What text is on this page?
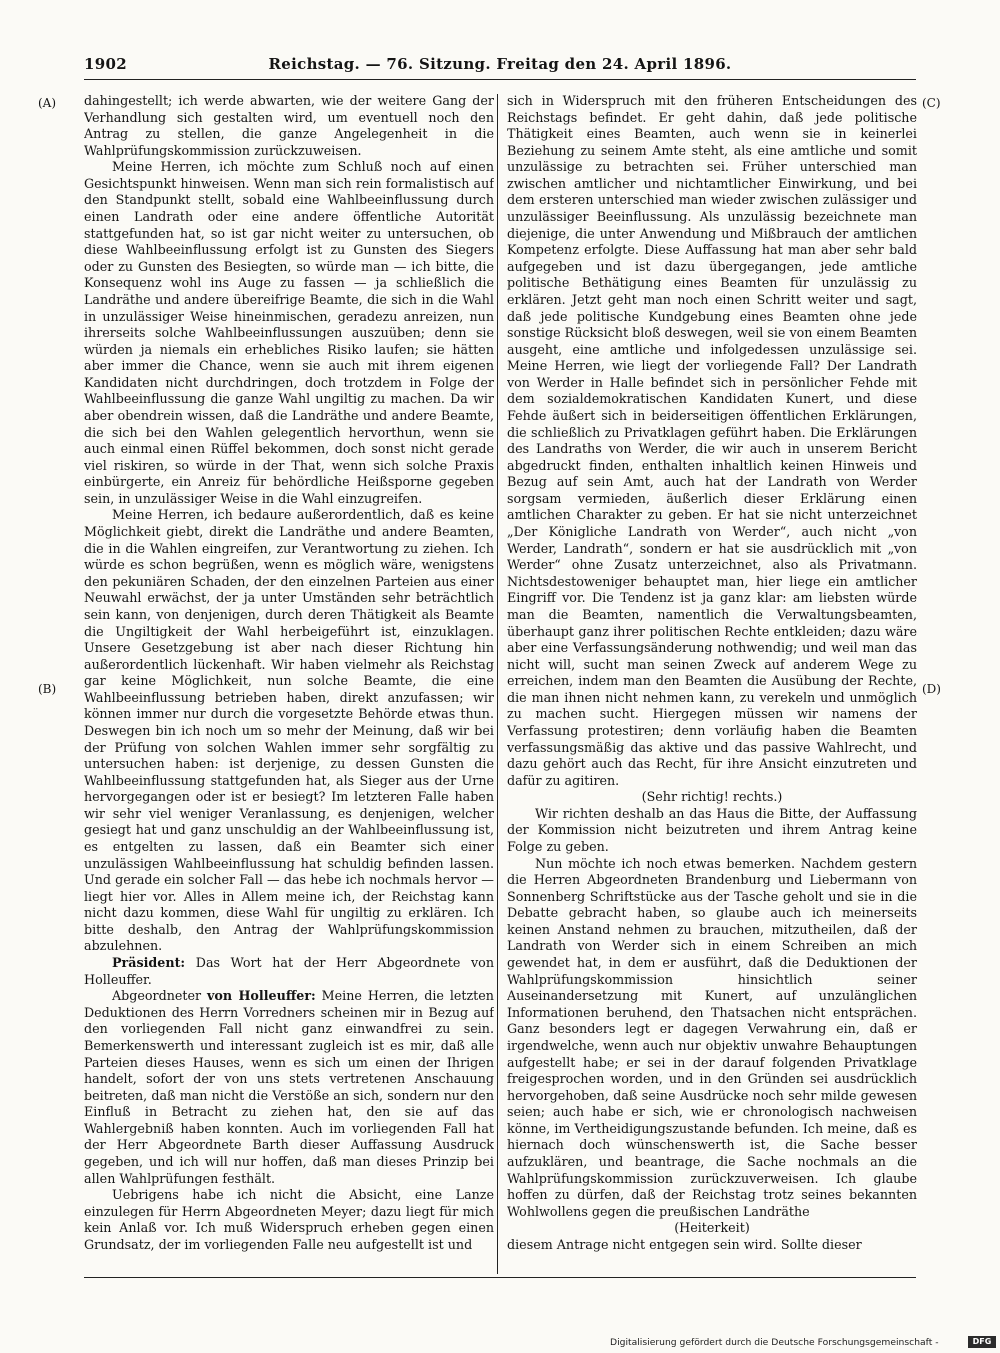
1902	Reichstag. — 76. Sitzung. Freitag den 24. April 1896.
(A)
(B)
(C)
(D)

dahingestellt; ich werde abwarten, wie der weitere Gang der Verhandlung sich gestalten wird, um eventuell noch den Antrag zu stellen, die ganze Angelegenheit in die Wahlprüfungskommission zurückzuweisen.

Meine Herren, ich möchte zum Schluß noch auf einen Gesichtspunkt hinweisen. Wenn man sich rein formalistisch auf den Standpunkt stellt, sobald eine Wahlbeeinflussung durch einen Landrath oder eine andere öffentliche Autorität stattgefunden hat, so ist gar nicht weiter zu untersuchen, ob diese Wahlbeeinflussung erfolgt ist zu Gunsten des Siegers oder zu Gunsten des Besiegten, so würde man — ich bitte, die Konsequenz wohl ins Auge zu fassen — ja schließlich die Landräthe und andere übereifrige Beamte, die sich in die Wahl in unzulässiger Weise hineinmischen, geradezu anreizen, nun ihrerseits solche Wahlbeeinflussungen auszuüben; denn sie würden ja niemals ein erhebliches Risiko laufen; sie hätten aber immer die Chance, wenn sie auch mit ihrem eigenen Kandidaten nicht durchdringen, doch trotzdem in Folge der Wahlbeeinflussung die ganze Wahl ungiltig zu machen. Da wir aber obendrein wissen, daß die Landräthe und andere Beamte, die sich bei den Wahlen gelegentlich hervorthun, wenn sie auch einmal einen Rüffel bekommen, doch sonst nicht gerade viel riskiren, so würde in der That, wenn sich solche Praxis einbürgerte, ein Anreiz für behördliche Heißsporne gegeben sein, in unzulässiger Weise in die Wahl einzugreifen.

Meine Herren, ich bedaure außerordentlich, daß es keine Möglichkeit giebt, direkt die Landräthe und andere Beamten, die in die Wahlen eingreifen, zur Verantwortung zu ziehen. Ich würde es schon begrüßen, wenn es möglich wäre, wenigstens den pekuniären Schaden, der den einzelnen Parteien aus einer Neuwahl erwächst, der ja unter Umständen sehr beträchtlich sein kann, von denjenigen, durch deren Thätigkeit als Beamte die Ungiltigkeit der Wahl herbeigeführt ist, einzuklagen. Unsere Gesetzgebung ist aber nach dieser Richtung hin außerordentlich lückenhaft. Wir haben vielmehr als Reichstag gar keine Möglichkeit, nun solche Beamte, die eine Wahlbeeinflussung betrieben haben, direkt anzufassen; wir können immer nur durch die vorgesetzte Behörde etwas thun. Deswegen bin ich noch um so mehr der Meinung, daß wir bei der Prüfung von solchen Wahlen immer sehr sorgfältig zu untersuchen haben: ist derjenige, zu dessen Gunsten die Wahlbeeinflussung stattgefunden hat, als Sieger aus der Urne hervorgegangen oder ist er besiegt? Im letzteren Falle haben wir sehr viel weniger Veranlassung, es denjenigen, welcher gesiegt hat und ganz unschuldig an der Wahlbeeinflussung ist, es entgelten zu lassen, daß ein Beamter sich einer unzulässigen Wahlbeeinflussung hat schuldig befinden lassen. Und gerade ein solcher Fall — das hebe ich nochmals hervor — liegt hier vor. Alles in Allem meine ich, der Reichstag kann nicht dazu kommen, diese Wahl für ungiltig zu erklären. Ich bitte deshalb, den Antrag der Wahlprüfungskommission abzulehnen.

Präsident: Das Wort hat der Herr Abgeordnete von Holleuffer.

Abgeordneter von Holleuffer: Meine Herren, die letzten Deduktionen des Herrn Vorredners scheinen mir in Bezug auf den vorliegenden Fall nicht ganz einwandfrei zu sein. Bemerkenswerth und interessant zugleich ist es mir, daß alle Parteien dieses Hauses, wenn es sich um einen der Ihrigen handelt, sofort der von uns stets vertretenen Anschauung beitreten, daß man nicht die Verstöße an sich, sondern nur den Einfluß in Betracht zu ziehen hat, den sie auf das Wahlergebniß haben konnten. Auch im vorliegenden Fall hat der Herr Abgeordnete Barth dieser Auffassung Ausdruck gegeben, und ich will nur hoffen, daß man dieses Prinzip bei allen Wahlprüfungen festhält.

Uebrigens habe ich nicht die Absicht, eine Lanze einzulegen für Herrn Abgeordneten Meyer; dazu liegt für mich kein Anlaß vor. Ich muß Widerspruch erheben gegen einen Grundsatz, der im vorliegenden Falle neu aufgestellt ist und

sich in Widerspruch mit den früheren Entscheidungen des Reichstags befindet. Er geht dahin, daß jede politische Thätigkeit eines Beamten, auch wenn sie in keinerlei Beziehung zu seinem Amte steht, als eine amtliche und somit unzulässige zu betrachten sei. Früher unterschied man zwischen amtlicher und nichtamtlicher Einwirkung, und bei dem ersteren unterschied man wieder zwischen zulässiger und unzulässiger Beeinflussung. Als unzulässig bezeichnete man diejenige, die unter Anwendung und Mißbrauch der amtlichen Kompetenz erfolgte. Diese Auffassung hat man aber sehr bald aufgegeben und ist dazu übergegangen, jede amtliche politische Bethätigung eines Beamten für unzulässig zu erklären. Jetzt geht man noch einen Schritt weiter und sagt, daß jede politische Kundgebung eines Beamten ohne jede sonstige Rücksicht bloß deswegen, weil sie von einem Beamten ausgeht, eine amtliche und infolgedessen unzulässige sei. Meine Herren, wie liegt der vorliegende Fall? Der Landrath von Werder in Halle befindet sich in persönlicher Fehde mit dem sozialdemokratischen Kandidaten Kunert, und diese Fehde äußert sich in beiderseitigen öffentlichen Erklärungen, die schließlich zu Privatklagen geführt haben. Die Erklärungen des Landraths von Werder, die wir auch in unserem Bericht abgedruckt finden, enthalten inhaltlich keinen Hinweis und Bezug auf sein Amt, auch hat der Landrath von Werder sorgsam vermieden, äußerlich dieser Erklärung einen amtlichen Charakter zu geben. Er hat sie nicht unterzeichnet „Der Königliche Landrath von Werder“, auch nicht „von Werder, Landrath“, sondern er hat sie ausdrücklich mit „von Werder“ ohne Zusatz unterzeichnet, also als Privatmann. Nichtsdestoweniger behauptet man, hier liege ein amtlicher Eingriff vor. Die Tendenz ist ja ganz klar: am liebsten würde man die Beamten, namentlich die Verwaltungsbeamten, überhaupt ganz ihrer politischen Rechte entkleiden; dazu wäre aber eine Verfassungsänderung nothwendig; und weil man das nicht will, sucht man seinen Zweck auf anderem Wege zu erreichen, indem man den Beamten die Ausübung der Rechte, die man ihnen nicht nehmen kann, zu verekeln und unmöglich zu machen sucht. Hiergegen müssen wir namens der Verfassung protestiren; denn vorläufig haben die Beamten verfassungsmäßig das aktive und das passive Wahlrecht, und dazu gehört auch das Recht, für ihre Ansicht einzutreten und dafür zu agitiren.

(Sehr richtig! rechts.)

Wir richten deshalb an das Haus die Bitte, der Auffassung der Kommission nicht beizutreten und ihrem Antrag keine Folge zu geben.

Nun möchte ich noch etwas bemerken. Nachdem gestern die Herren Abgeordneten Brandenburg und Liebermann von Sonnenberg Schriftstücke aus der Tasche geholt und sie in die Debatte gebracht haben, so glaube auch ich meinerseits keinen Anstand nehmen zu brauchen, mitzutheilen, daß der Landrath von Werder sich in einem Schreiben an mich gewendet hat, in dem er ausführt, daß die Deduktionen der Wahlprüfungskommission hinsichtlich seiner Auseinandersetzung mit Kunert, auf unzulänglichen Informationen beruhend, den Thatsachen nicht entsprächen. Ganz besonders legt er dagegen Verwahrung ein, daß er irgendwelche, wenn auch nur objektiv unwahre Behauptungen aufgestellt habe; er sei in der darauf folgenden Privatklage freigesprochen worden, und in den Gründen sei ausdrücklich hervorgehoben, daß seine Ausdrücke noch sehr milde gewesen seien; auch habe er sich, wie er chronologisch nachweisen könne, im Vertheidigungszustande befunden. Ich meine, daß es hiernach doch wünschenswerth ist, die Sache besser aufzuklären, und beantrage, die Sache nochmals an die Wahlprüfungskommission zurückzuverweisen. Ich glaube hoffen zu dürfen, daß der Reichstag trotz seines bekannten Wohlwollens gegen die preußischen Landräthe

(Heiterkeit)

diesem Antrage nicht entgegen sein wird. Sollte dieser

Digitalisierung gefördert durch die Deutsche Forschungsgemeinschaft -	DFG
